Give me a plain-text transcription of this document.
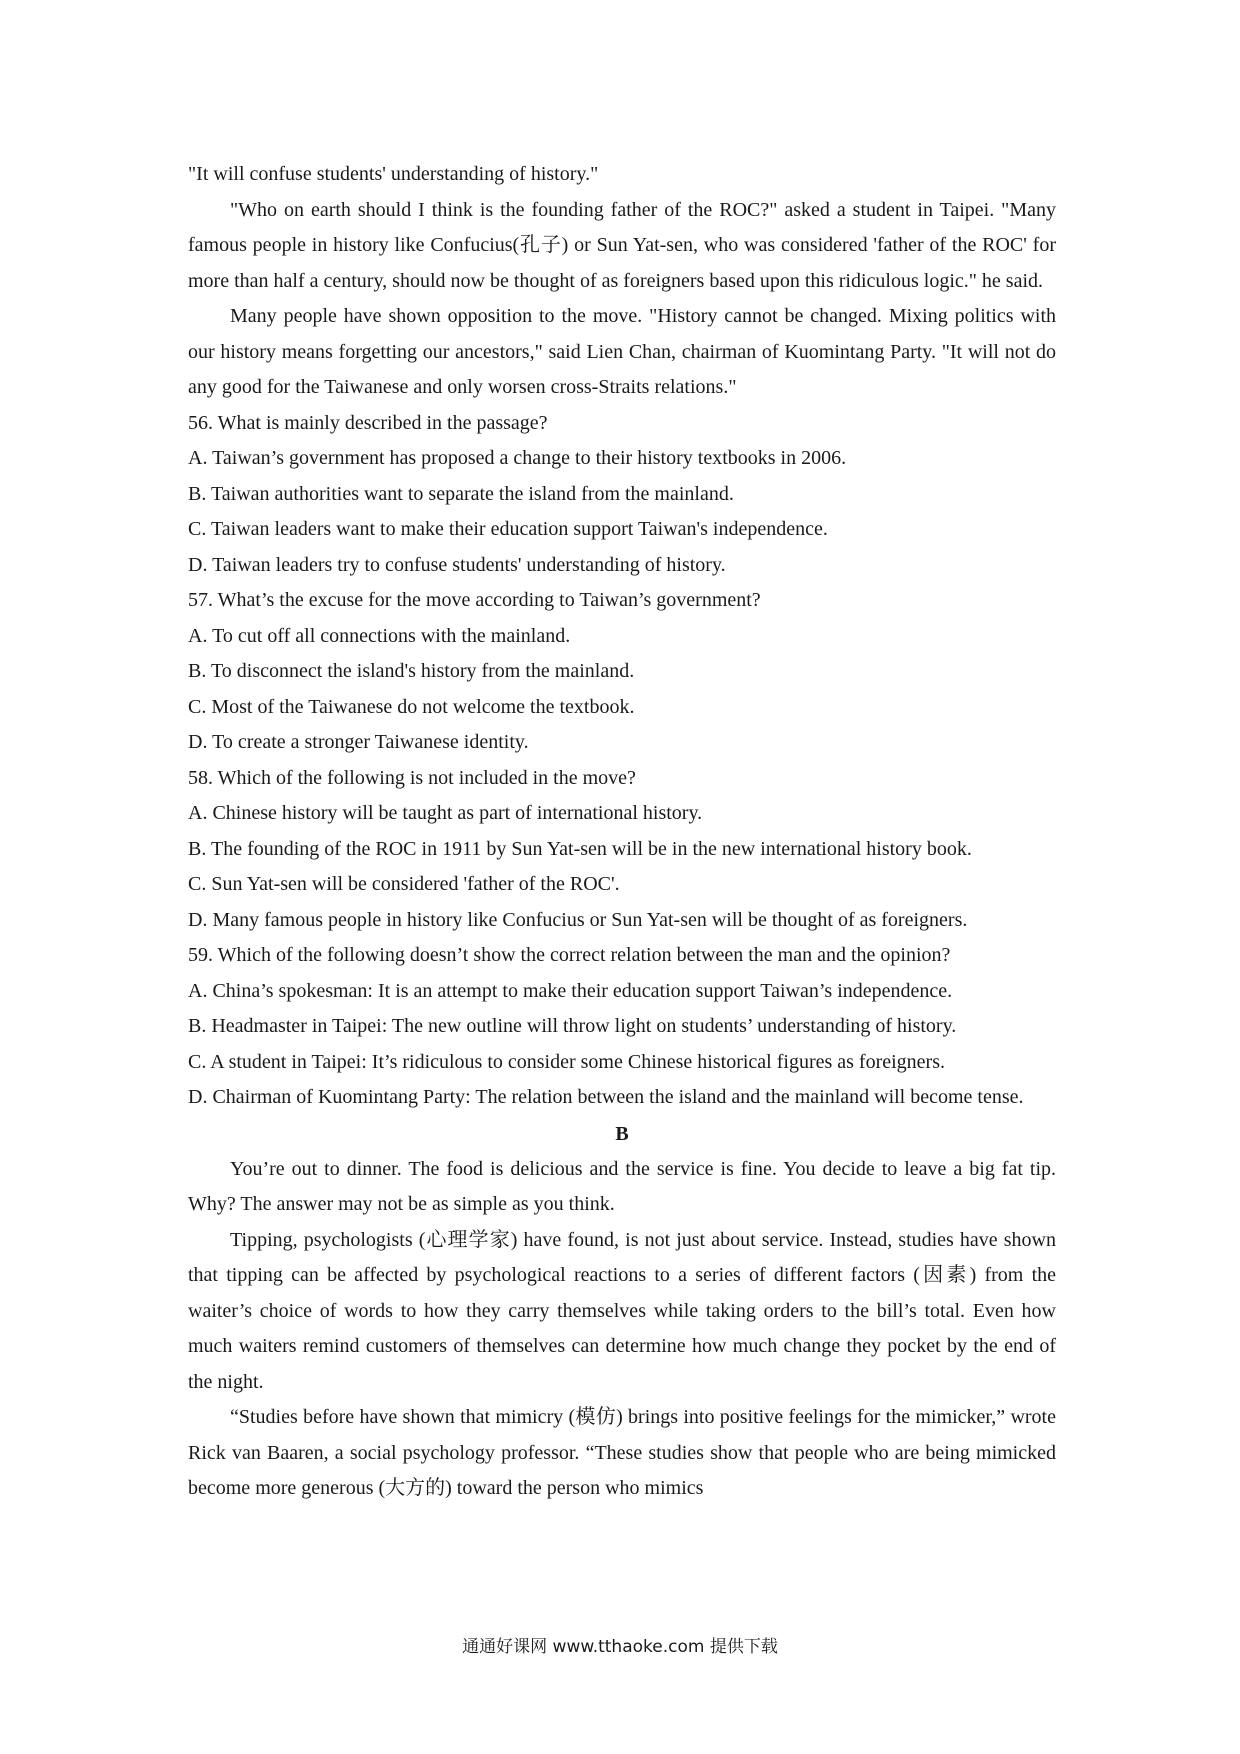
"It will confuse students' understanding of history."

"Who on earth should I think is the founding father of the ROC?" asked a student in Taipei. "Many famous people in history like Confucius(孔子) or Sun Yat-sen, who was considered 'father of the ROC' for more than half a century, should now be thought of as foreigners based upon this ridiculous logic." he said.

Many people have shown opposition to the move. "History cannot be changed. Mixing politics with our history means forgetting our ancestors," said Lien Chan, chairman of Kuomintang Party. "It will not do any good for the Taiwanese and only worsen cross-Straits relations."

56. What is mainly described in the passage?

A. Taiwan’s government has proposed a change to their history textbooks in 2006.

B. Taiwan authorities want to separate the island from the mainland.

C. Taiwan leaders want to make their education support Taiwan's independence.

D. Taiwan leaders try to confuse students' understanding of history.

57. What’s the excuse for the move according to Taiwan’s government?

A. To cut off all connections with the mainland.

B. To disconnect the island's history from the mainland.

C. Most of the Taiwanese do not welcome the textbook.

D. To create a stronger Taiwanese identity.

58. Which of the following is not included in the move?

A. Chinese history will be taught as part of international history.

B. The founding of the ROC in 1911 by Sun Yat-sen will be in the new international history book.

C. Sun Yat-sen will be considered 'father of the ROC'.

D. Many famous people in history like Confucius or Sun Yat-sen will be thought of as foreigners.

59. Which of the following doesn’t show the correct relation between the man and the opinion?

A. China’s spokesman: It is an attempt to make their education support Taiwan’s independence.

B. Headmaster in Taipei: The new outline will throw light on students’ understanding of history.

C. A student in Taipei: It’s ridiculous to consider some Chinese historical figures as foreigners.

D. Chairman of Kuomintang Party: The relation between the island and the mainland will become tense.

B

You’re out to dinner. The food is delicious and the service is fine. You decide to leave a big fat tip. Why? The answer may not be as simple as you think.

Tipping, psychologists (心理学家) have found, is not just about service. Instead, studies have shown that tipping can be affected by psychological reactions to a series of different factors (因素) from the waiter’s choice of words to how they carry themselves while taking orders to the bill’s total. Even how much waiters remind customers of themselves can determine how much change they pocket by the end of the night.

“Studies before have shown that mimicry (模仿) brings into positive feelings for the mimicker,” wrote Rick van Baaren, a social psychology professor. “These studies show that people who are being mimicked become more generous (大方的) toward the person who mimics

通通好课网 www.tthaoke.com 提供下载
